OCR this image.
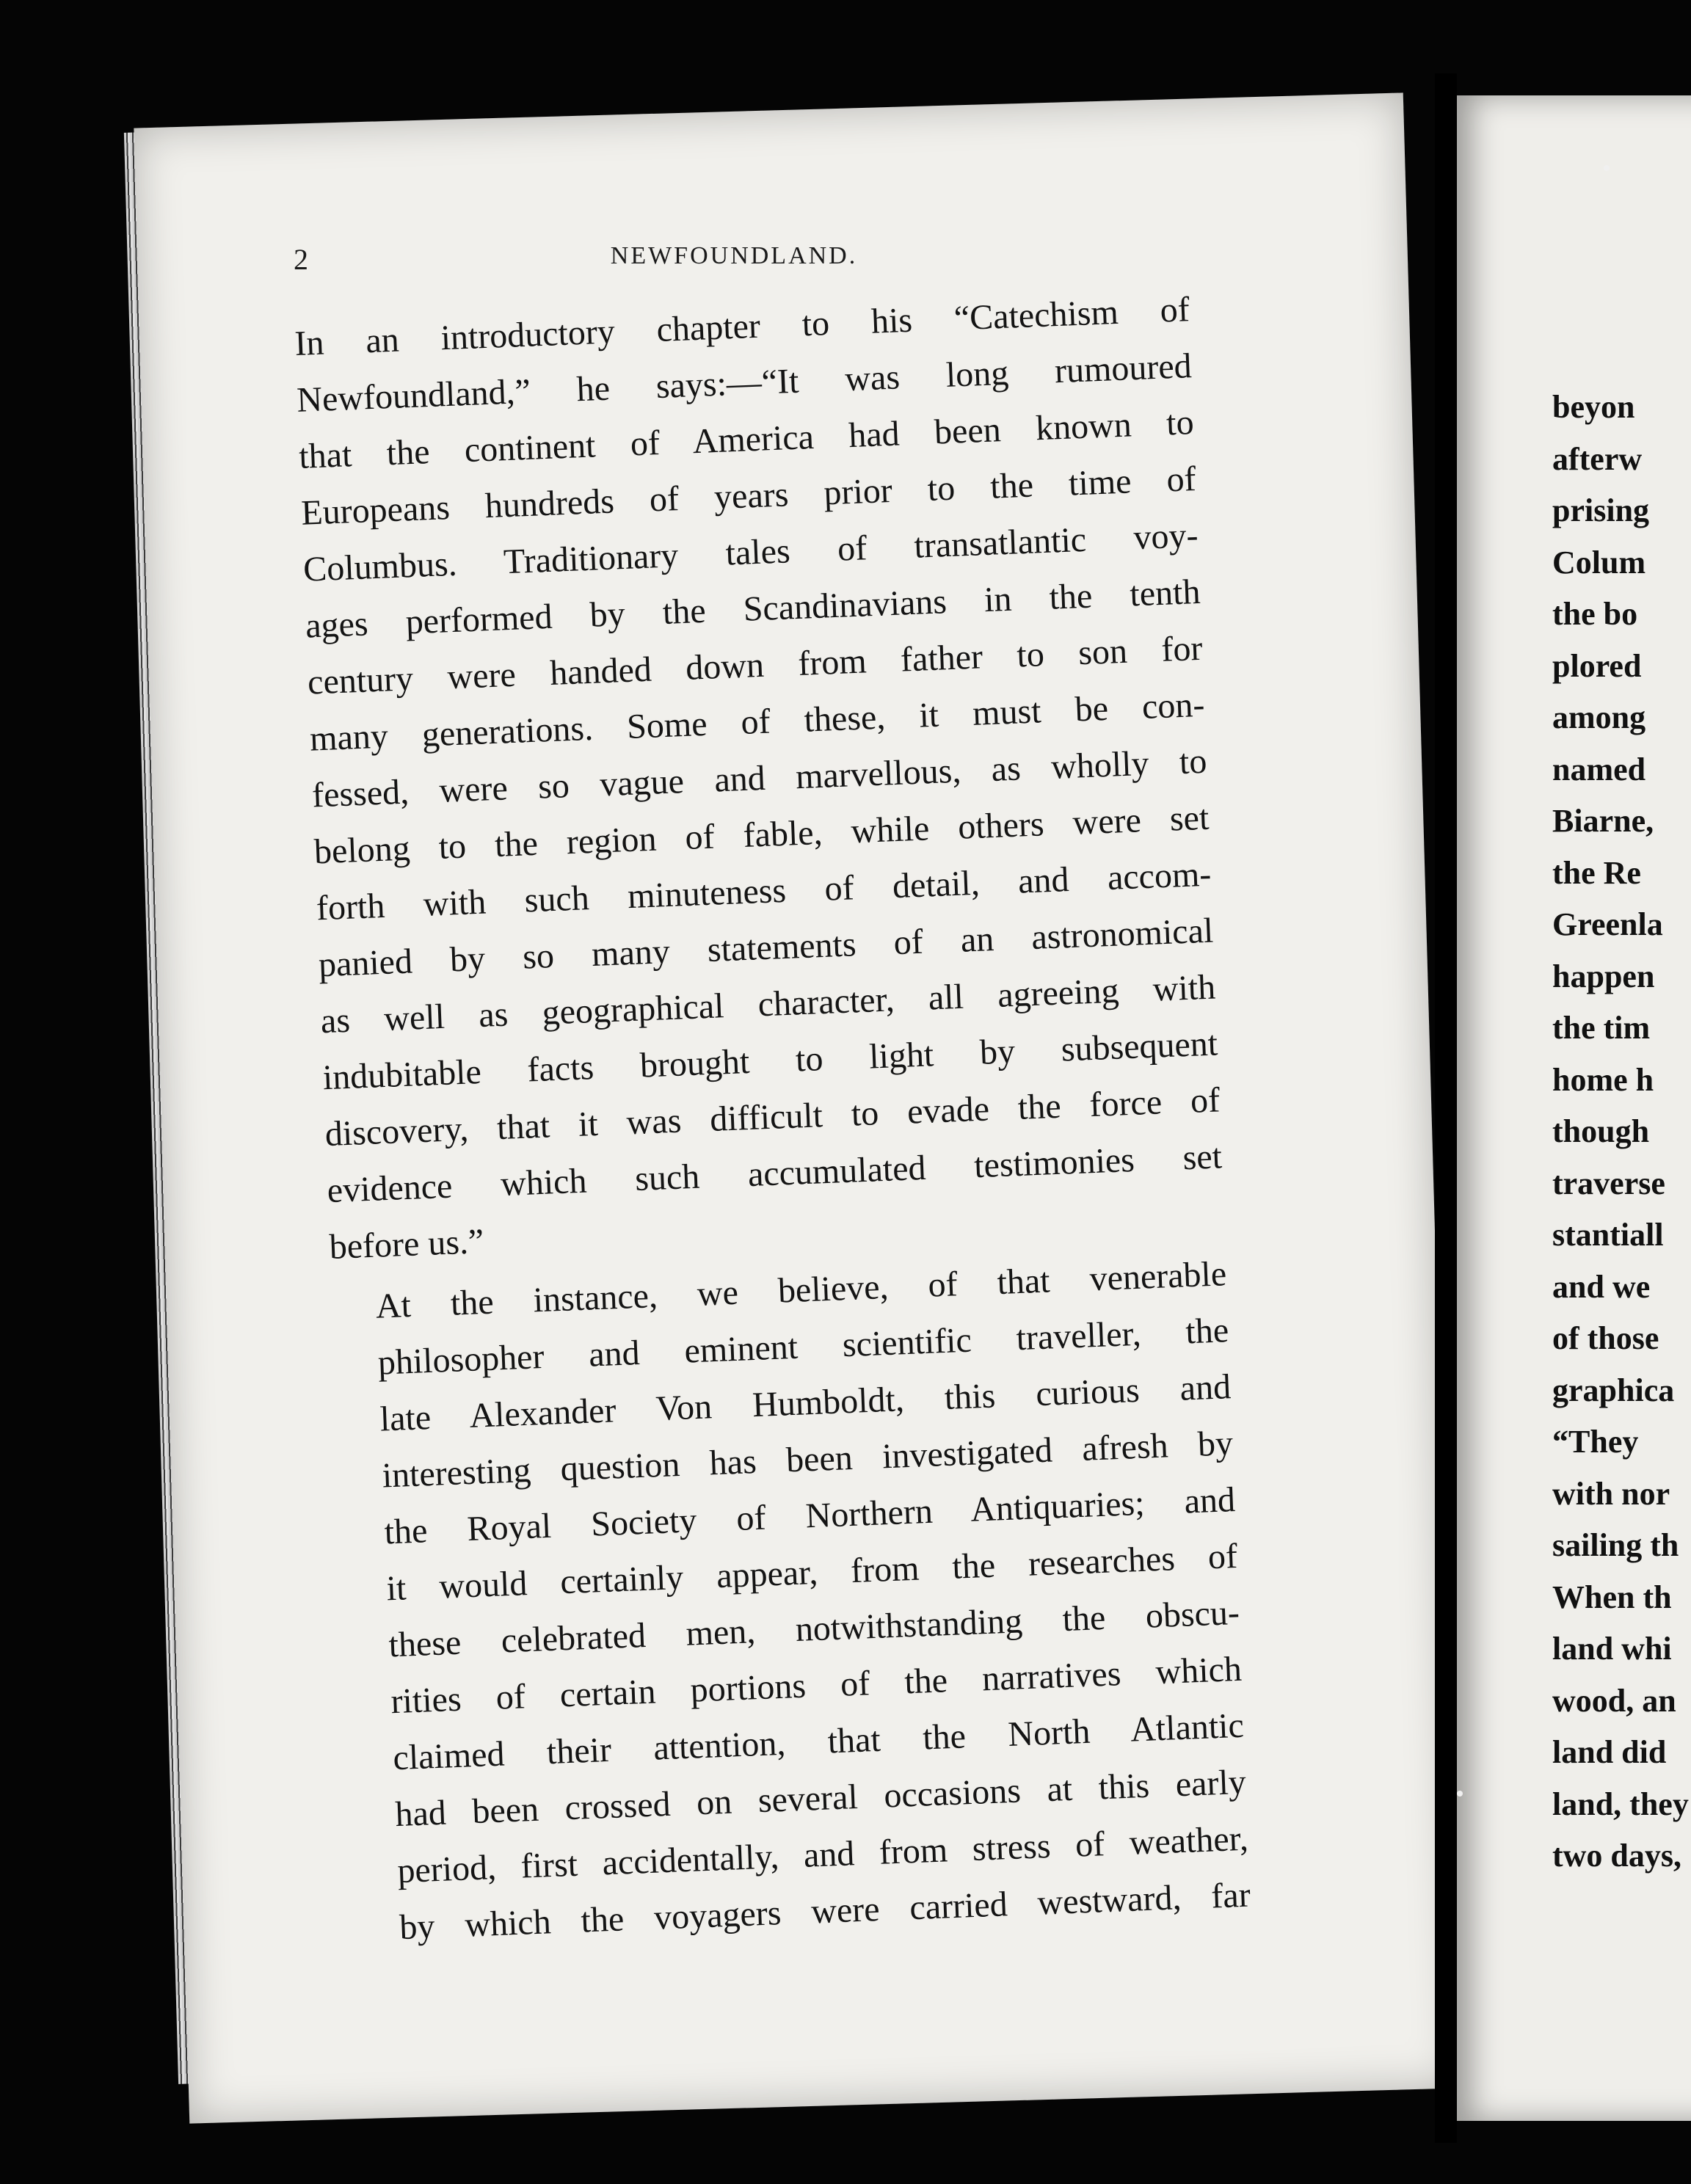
2	NEWFOUNDLAND.

In an introductory chapter to his “Catechism of
Newfoundland,” he says:—“It was long rumoured
that the continent of America had been known to
Europeans hundreds of years prior to the time of
Columbus. Traditionary tales of transatlantic voy-
ages performed by the Scandinavians in the tenth
century were handed down from father to son for
many generations. Some of these, it must be con-
fessed, were so vague and marvellous, as wholly to
belong to the region of fable, while others were set
forth with such minuteness of detail, and accom-
panied by so many statements of an astronomical
as well as geographical character, all agreeing with
indubitable facts brought to light by subsequent
discovery, that it was difficult to evade the force of
evidence which such accumulated testimonies set
before us.”

At the instance, we believe, of that venerable
philosopher and eminent scientific traveller, the
late Alexander Von Humboldt, this curious and
interesting question has been investigated afresh by
the Royal Society of Northern Antiquaries; and
it would certainly appear, from the researches of
these celebrated men, notwithstanding the obscu-
rities of certain portions of the narratives which
claimed their attention, that the North Atlantic
had been crossed on several occasions at this early
period, first accidentally, and from stress of weather,
by which the voyagers were carried westward, far

beyon
afterw
prising
Colum
the bo
plored
among
named
Biarne,
the Re
Greenla
happen
the tim
home h
though
traverse
stantiall
and we
of those
graphica
“They
with nor
sailing th
When th
land whi
wood, an
land did
land, they
two days,
